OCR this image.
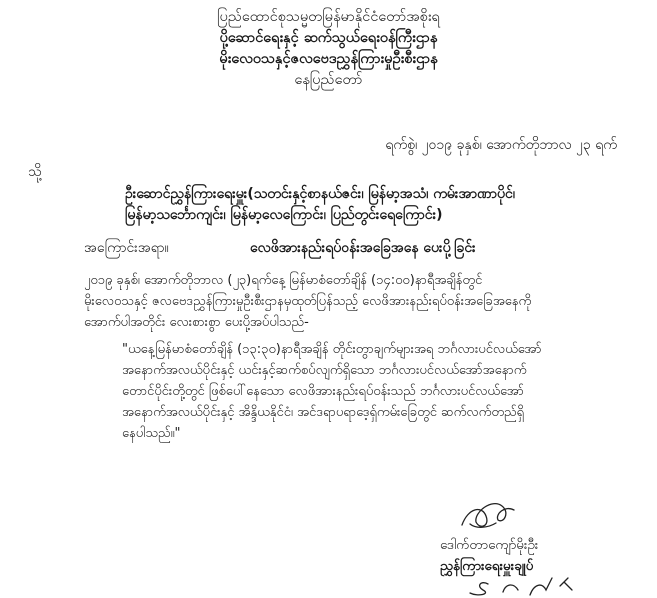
ပြည်ထောင်စုသမ္မတမြန်မာနိုင်ငံတော်အစိုးရ
ပို့ဆောင်ရေးနှင့် ဆက်သွယ်ရေးဝန်ကြီးဌာန
မိုးလေဝသနှင့်ဇလဗေဒညွှန်ကြားမှုဦးစီးဌာန
နေပြည်တော်
ရက်စွဲ၊ ၂၀၁၉ ခုနှစ်၊ အောက်တိုဘာလ ၂၃ ရက်
သို့
ဦးဆောင်ညွှန်ကြားရေးမှူး(သတင်းနှင့်စာနယ်ဇင်း၊ မြန်မာ့အသံ၊ ကမ်းအာဏာပိုင်၊
မြန်မာ့သင်္ဘောကျင်း၊ မြန်မာ့လေကြောင်း၊ ပြည်တွင်းရေကြောင်း)
အကြောင်းအရာ။	လေဖိအားနည်းရပ်ဝန်းအခြေအနေ ပေးပို့ခြင်း
၂၀၁၉ ခုနှစ်၊ အောက်တိုဘာလ (၂၃)ရက်နေ့ မြန်မာစံတော်ချိန် (၁၄:၀၀)နာရီအချိန်တွင်
မိုးလေဝသနှင့် ဇလဗေဒညွှန်ကြားမှုဦးစီးဌာနမှထုတ်ပြန်သည့် လေဖိအားနည်းရပ်ဝန်းအခြေအနေကို
အောက်ပါအတိုင်း လေးစားစွာ ပေးပို့အပ်ပါသည်-
"ယနေ့မြန်မာစံတော်ချိန် (၁၃:၃၀)နာရီအချိန် တိုင်းတွာချက်များအရ ဘင်္ဂလားပင်လယ်အော်
အနောက်အလယ်ပိုင်းနှင့် ယင်းနှင့်ဆက်စပ်လျက်ရှိသော ဘင်္ဂလားပင်လယ်အော်အနောက်
တောင်ပိုင်းတို့တွင် ဖြစ်ပေါ်နေသော လေဖိအားနည်းရပ်ဝန်းသည် ဘင်္ဂလားပင်လယ်အော်
အနောက်အလယ်ပိုင်းနှင့် အိန္ဒိယနိုင်ငံ၊ အင်ဒရာပရာဒေ့ရှ်ကမ်းခြေတွင် ဆက်လက်တည်ရှိ
နေပါသည်။"
ဒေါက်တာကျော်မိုးဦး
ညွှန်ကြားရေးမှူးချုပ်
